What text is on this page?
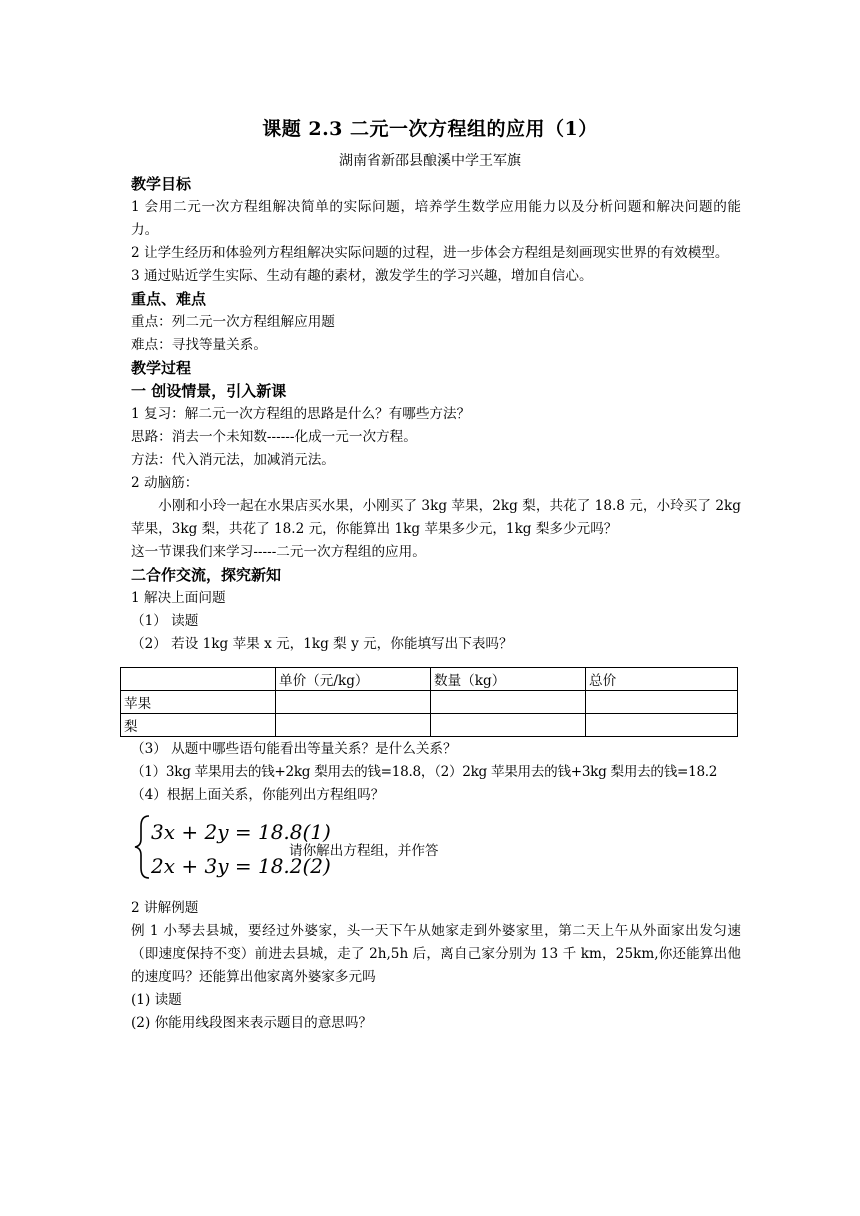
课题 2.3 二元一次方程组的应用（1）
湖南省新邵县酿溪中学王军旗
教学目标
1 会用二元一次方程组解决简单的实际问题，培养学生数学应用能力以及分析问题和解决问题的能力。
2 让学生经历和体验列方程组解决实际问题的过程，进一步体会方程组是刻画现实世界的有效模型。
3 通过贴近学生实际、生动有趣的素材，激发学生的学习兴趣，增加自信心。
重点、难点
重点：列二元一次方程组解应用题
难点：寻找等量关系。
教学过程
一 创设情景，引入新课
1 复习：解二元一次方程组的思路是什么？有哪些方法？
思路：消去一个未知数------化成一元一次方程。
方法：代入消元法，加减消元法。
2 动脑筋：
小刚和小玲一起在水果店买水果，小刚买了 3kg 苹果，2kg 梨，共花了 18.8 元，小玲买了 2kg 苹果，3kg 梨，共花了 18.2 元，你能算出 1kg 苹果多少元，1kg 梨多少元吗？
这一节课我们来学习-----二元一次方程组的应用。
二合作交流，探究新知
1 解决上面问题
（1） 读题
（2） 若设 1kg 苹果 x 元，1kg 梨 y 元，你能填写出下表吗？
	单价（元/kg）	数量（kg）	总价
苹果			
梨			
（3） 从题中哪些语句能看出等量关系？是什么关系？
（1）3kg 苹果用去的钱+2kg 梨用去的钱=18.8，（2）2kg 苹果用去的钱+3kg 梨用去的钱=18.2
（4）根据上面关系，你能列出方程组吗？
3x + 2y = 18.8(1)
2x + 3y = 18.2(2)
请你解出方程组，并作答
2 讲解例题
例 1 小琴去县城，要经过外婆家，头一天下午从她家走到外婆家里，第二天上午从外面家出发匀速（即速度保持不变）前进去县城，走了 2h,5h 后，离自己家分别为 13 千 km，25km,你还能算出他的速度吗？还能算出他家离外婆家多元吗
(1) 读题
(2) 你能用线段图来表示题目的意思吗？
